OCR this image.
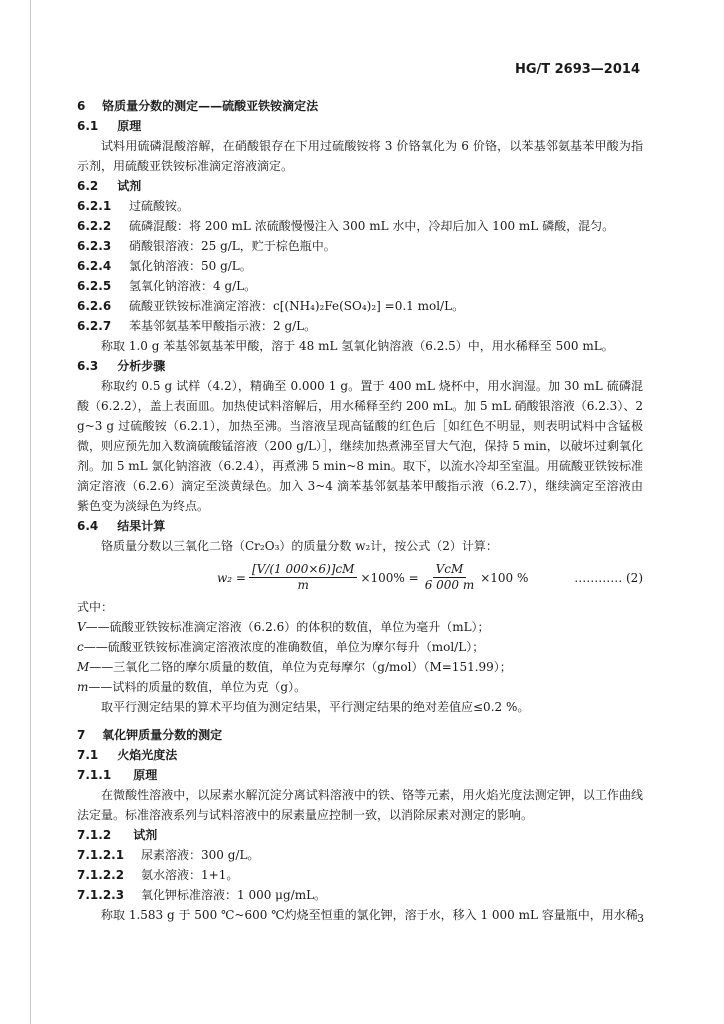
HG/T 2693—2014

6 铬质量分数的测定——硫酸亚铁铵滴定法

6.1 原理

试料用硫磷混酸溶解，在硝酸银存在下用过硫酸铵将 3 价铬氧化为 6 价铬，以苯基邻氨基苯甲酸为指示剂，用硫酸亚铁铵标准滴定溶液滴定。

6.2 试剂

6.2.1 过硫酸铵。

6.2.2 硫磷混酸：将 200 mL 浓硫酸慢慢注入 300 mL 水中，冷却后加入 100 mL 磷酸，混匀。

6.2.3 硝酸银溶液：25 g/L，贮于棕色瓶中。

6.2.4 氯化钠溶液：50 g/L。

6.2.5 氢氧化钠溶液：4 g/L。

6.2.6 硫酸亚铁铵标准滴定溶液：c[(NH₄)₂Fe(SO₄)₂] =0.1 mol/L。

6.2.7 苯基邻氨基苯甲酸指示液：2 g/L。

称取 1.0 g 苯基邻氨基苯甲酸，溶于 48 mL 氢氧化钠溶液（6.2.5）中，用水稀释至 500 mL。

6.3 分析步骤

称取约 0.5 g 试样（4.2），精确至 0.000 1 g。置于 400 mL 烧杯中，用水润湿。加 30 mL 硫磷混酸（6.2.2），盖上表面皿。加热使试料溶解后，用水稀释至约 200 mL。加 5 mL 硝酸银溶液（6.2.3）、2 g~3 g 过硫酸铵（6.2.1），加热至沸。当溶液呈现高锰酸的红色后［如红色不明显，则表明试料中含锰极微，则应预先加入数滴硫酸锰溶液（200 g/L）］，继续加热煮沸至冒大气泡，保持 5 min，以破坏过剩氧化剂。加 5 mL 氯化钠溶液（6.2.4），再煮沸 5 min~8 min。取下，以流水冷却至室温。用硫酸亚铁铵标准滴定溶液（6.2.6）滴定至淡黄绿色。加入 3~4 滴苯基邻氨基苯甲酸指示液（6.2.7），继续滴定至溶液由紫色变为淡绿色为终点。

6.4 结果计算

铬质量分数以三氧化二铬（Cr₂O₃）的质量分数 w₂计，按公式（2）计算：

$w_2 = \frac{[V/(1 000\times 6)]cM}{m} \times 100\% = \frac{\text{VcM}}{6 000 m} \times 100$ %	………… (2)

式中：

V——硫酸亚铁铵标准滴定溶液（6.2.6）的体积的数值，单位为毫升（mL）；

c——硫酸亚铁铵标准滴定溶液浓度的准确数值，单位为摩尔每升（mol/L）；

M——三氧化二铬的摩尔质量的数值，单位为克每摩尔（g/mol）（M=151.99）；

m——试料的质量的数值，单位为克（g）。

取平行测定结果的算术平均值为测定结果，平行测定结果的绝对差值应≤0.2 %。

7 氧化钾质量分数的测定

7.1 火焰光度法

7.1.1 原理

在微酸性溶液中，以尿素水解沉淀分离试料溶液中的铁、铬等元素，用火焰光度法测定钾，以工作曲线法定量。标准溶液系列与试料溶液中的尿素量应控制一致，以消除尿素对测定的影响。

7.1.2 试剂

7.1.2.1 尿素溶液：300 g/L。

7.1.2.2 氨水溶液：1+1。

7.1.2.3 氧化钾标准溶液：1 000 μg/mL。

称取 1.583 g 于 500 ℃~600 ℃灼烧至恒重的氯化钾，溶于水，移入 1 000 mL 容量瓶中，用水稀 3
